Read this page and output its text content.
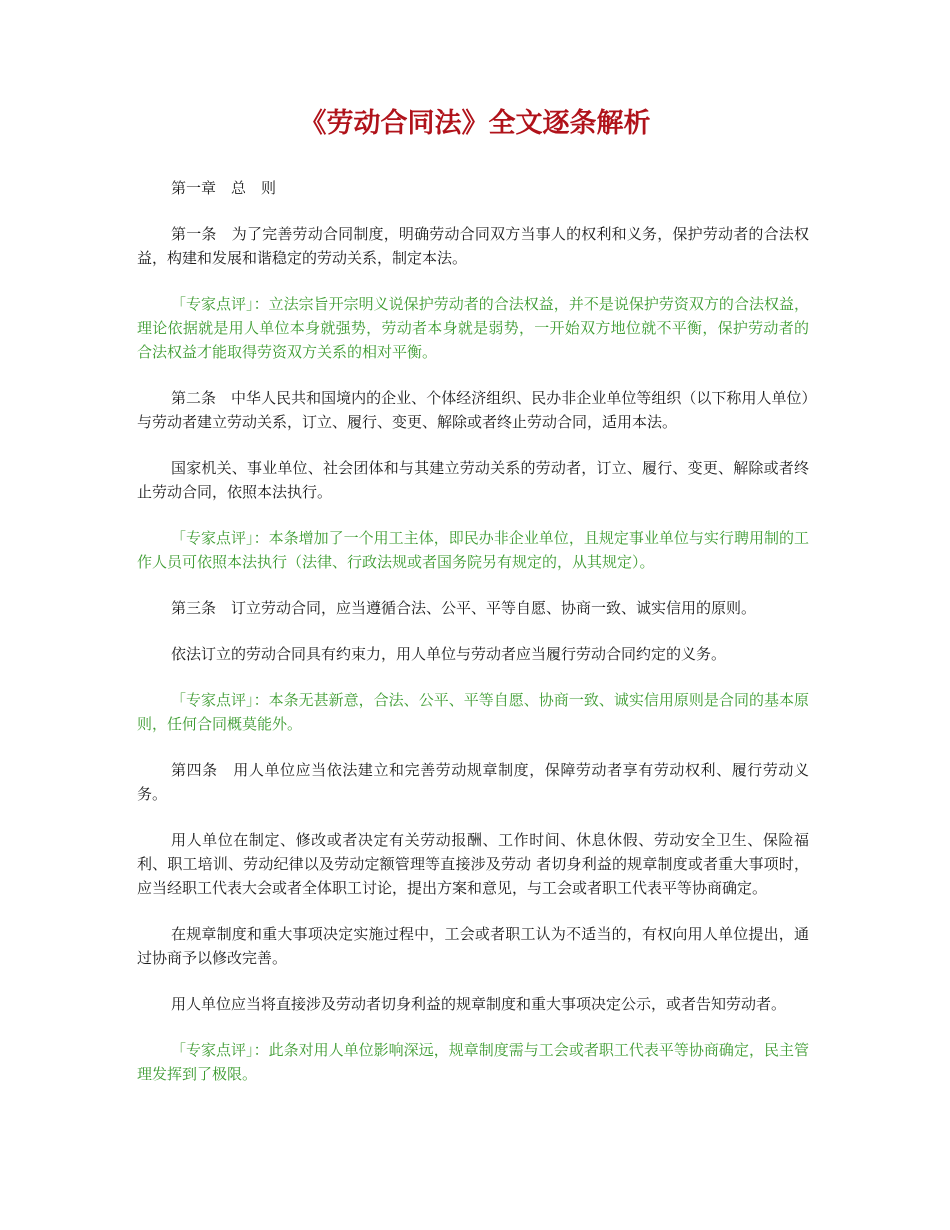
《劳动合同法》全文逐条解析

第一章　总　则

第一条　为了完善劳动合同制度，明确劳动合同双方当事人的权利和义务，保护劳动者的合法权益，构建和发展和谐稳定的劳动关系，制定本法。

「专家点评」：立法宗旨开宗明义说保护劳动者的合法权益，并不是说保护劳资双方的合法权益，理论依据就是用人单位本身就强势，劳动者本身就是弱势，一开始双方地位就不平衡，保护劳动者的合法权益才能取得劳资双方关系的相对平衡。

第二条　中华人民共和国境内的企业、个体经济组织、民办非企业单位等组织（以下称用人单位）与劳动者建立劳动关系，订立、履行、变更、解除或者终止劳动合同，适用本法。

国家机关、事业单位、社会团体和与其建立劳动关系的劳动者，订立、履行、变更、解除或者终止劳动合同，依照本法执行。

「专家点评」：本条增加了一个用工主体，即民办非企业单位，且规定事业单位与实行聘用制的工作人员可依照本法执行（法律、行政法规或者国务院另有规定的，从其规定）。

第三条　订立劳动合同，应当遵循合法、公平、平等自愿、协商一致、诚实信用的原则。

依法订立的劳动合同具有约束力，用人单位与劳动者应当履行劳动合同约定的义务。

「专家点评」：本条无甚新意，合法、公平、平等自愿、协商一致、诚实信用原则是合同的基本原则，任何合同概莫能外。

第四条　用人单位应当依法建立和完善劳动规章制度，保障劳动者享有劳动权利、履行劳动义务。

用人单位在制定、修改或者决定有关劳动报酬、工作时间、休息休假、劳动安全卫生、保险福利、职工培训、劳动纪律以及劳动定额管理等直接涉及劳动 者切身利益的规章制度或者重大事项时，应当经职工代表大会或者全体职工讨论，提出方案和意见，与工会或者职工代表平等协商确定。

在规章制度和重大事项决定实施过程中，工会或者职工认为不适当的，有权向用人单位提出，通过协商予以修改完善。

用人单位应当将直接涉及劳动者切身利益的规章制度和重大事项决定公示，或者告知劳动者。

「专家点评」：此条对用人单位影响深远，规章制度需与工会或者职工代表平等协商确定，民主管理发挥到了极限。
